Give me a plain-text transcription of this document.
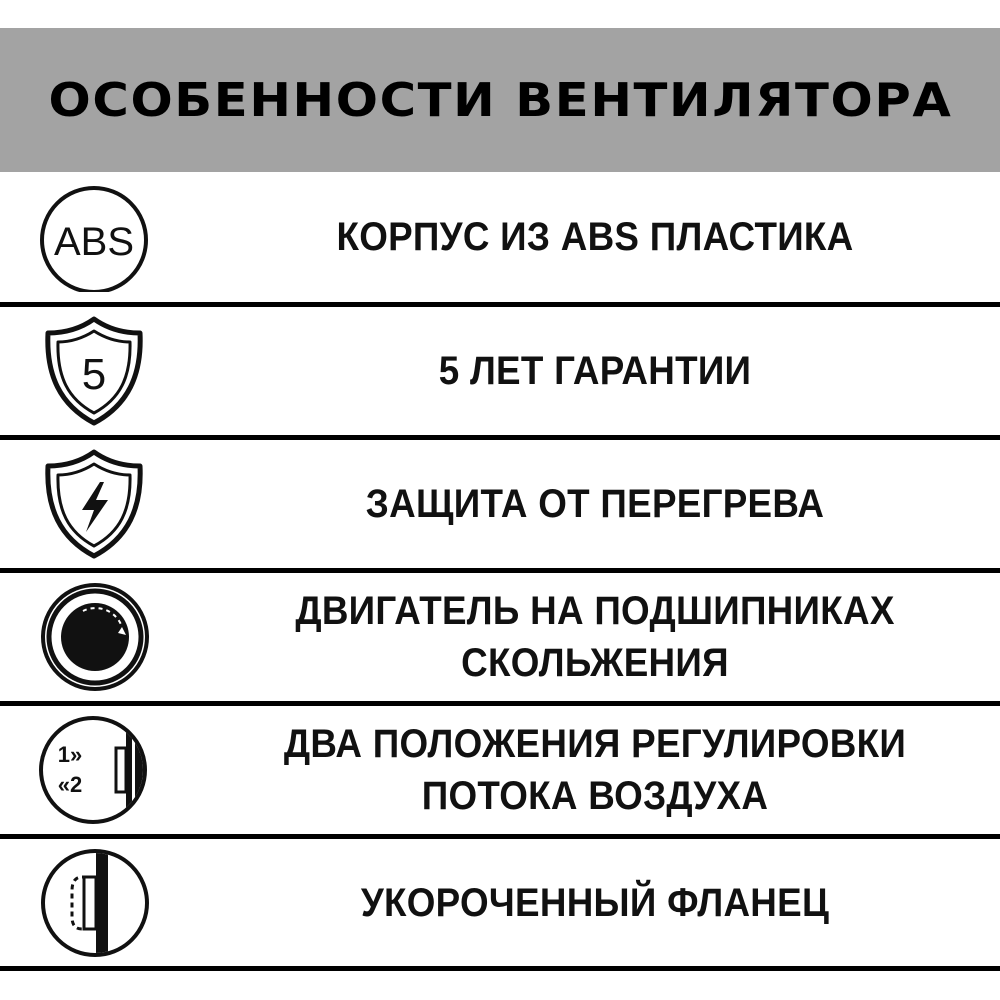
ОСОБЕННОСТИ ВЕНТИЛЯТОРА
ABS	КОРПУС ИЗ ABS ПЛАСТИКА
5	5 ЛЕТ ГАРАНТИИ
ЗАЩИТА ОТ ПЕРЕГРЕВА
ДВИГАТЕЛЬ НА ПОДШИПНИКАХ
СКОЛЬЖЕНИЯ
1»
«2
ДВА ПОЛОЖЕНИЯ РЕГУЛИРОВКИ
ПОТОКА ВОЗДУХА
УКОРОЧЕННЫЙ ФЛАНЕЦ
